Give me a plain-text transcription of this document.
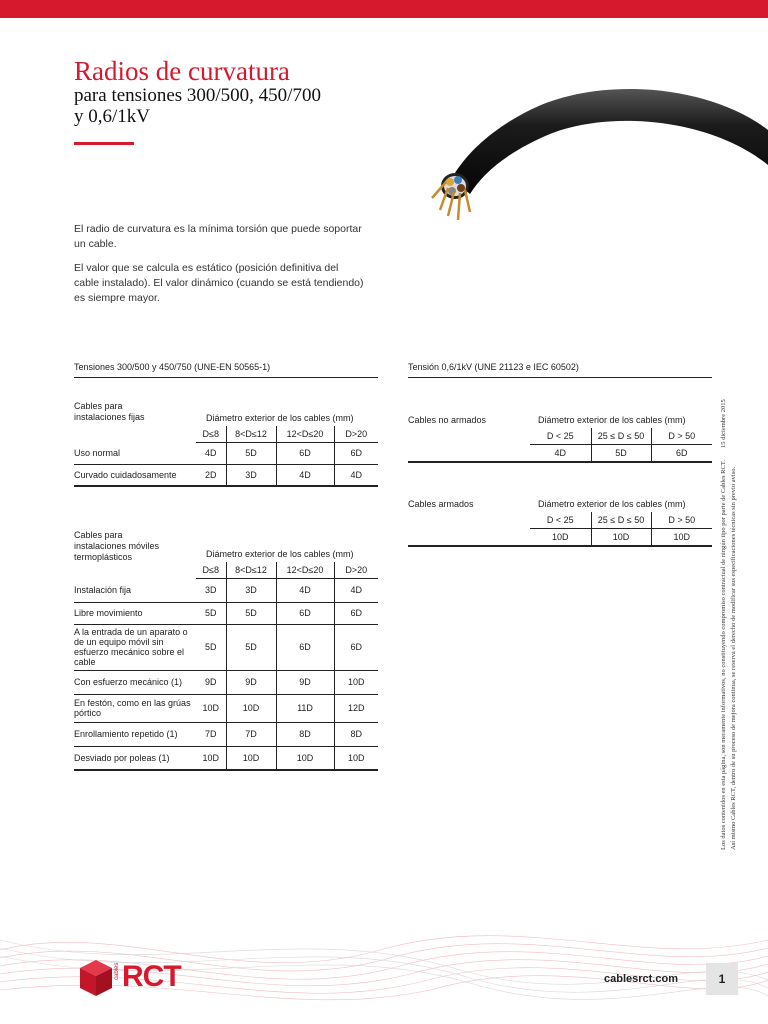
Radios de curvatura
para tensiones 300/500, 450/700
y 0,6/1kV

El radio de curvatura es la mínima torsión que puede soportar un cable.

El valor que se calcula es estático (posición definitiva del cable instalado). El valor dinámico (cuando se está tendiendo) es siempre mayor.

Tensiones 300/500 y 450/750 (UNE-EN 50565-1)
Cables para
instalaciones fijas	Diámetro exterior de los cables (mm)
	D≤8	8<D≤12	12<D≤20	D>20
Uso normal	4D	5D	6D	6D
Curvado cuidadosamente	2D	3D	4D	4D
Cables para
instalaciones móviles
termoplásticos	Diámetro exterior de los cables (mm)
	D≤8	8<D≤12	12<D≤20	D>20
Instalación fija	3D	3D	4D	4D
Libre movimiento	5D	5D	6D	6D
A la entrada de un aparato o de un equipo móvil sin esfuerzo mecánico sobre el cable	5D	5D	6D	6D
Con esfuerzo mecánico (1)	9D	9D	9D	10D
En festón, como en las grúas pórtico	10D	10D	11D	12D
Enrollamiento repetido (1)	7D	7D	8D	8D
Desviado por poleas (1)	10D	10D	10D	10D
Tensión 0,6/1kV (UNE 21123 e IEC 60502)
Cables no armados	Diámetro exterior de los cables (mm)
	D < 25	25 ≤ D ≤ 50	D > 50
	4D	5D	6D
Cables armados	Diámetro exterior de los cables (mm)
	D < 25	25 ≤ D ≤ 50	D > 50
	10D	10D	10D	Los datos contenidos en esta página, son meramente informativos, no constituyendo compromiso contractual de ningún tipo por parte de Cables RCT.15 diciembre 2015
Así mismo Cables RCT, dentro de su proceso de mejora continua, se reserva el derecho de modificar sus especificaciones técnicas sin previo aviso.
cables RCT	cablesrct.com	1
